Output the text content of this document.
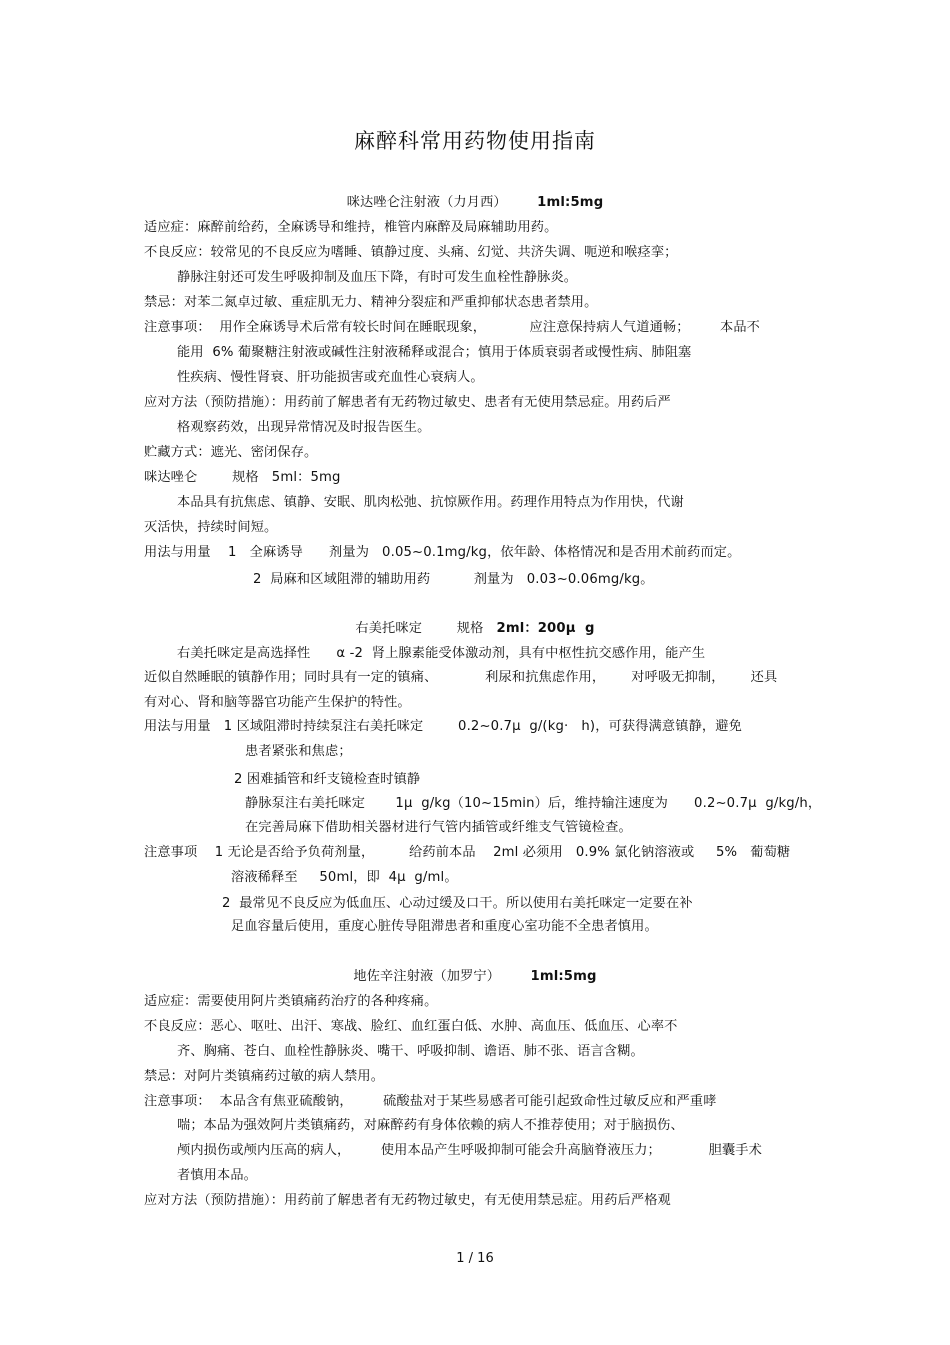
麻醉科常用药物使用指南
咪达唑仑注射液（力月西） 1ml:5mg
适应症：麻醉前给药，全麻诱导和维持，椎管内麻醉及局麻辅助用药。
不良反应：较常见的不良反应为嗜睡、镇静过度、头痛、幻觉、共济失调、呃逆和喉痉挛；
静脉注射还可发生呼吸抑制及血压下降，有时可发生血栓性静脉炎。
禁忌：对苯二氮卓过敏、重症肌无力、精神分裂症和严重抑郁状态患者禁用。
注意事项：  用作全麻诱导术后常有较长时间在睡眠现象，          应注意保持病人气道通畅；       本品不
能用  6% 葡聚糖注射液或碱性注射液稀释或混合；慎用于体质衰弱者或慢性病、肺阻塞
性疾病、慢性肾衰、肝功能损害或充血性心衰病人。
应对方法（预防措施）：用药前了解患者有无药物过敏史、患者有无使用禁忌症。用药后严
格观察药效，出现异常情况及时报告医生。
贮藏方式：遮光、密闭保存。
咪达唑仑        规格   5ml：5mg
本品具有抗焦虑、镇静、安眠、肌肉松弛、抗惊厥作用。药理作用特点为作用快，代谢
灭活快，持续时间短。
用法与用量    1   全麻诱导      剂量为   0.05~0.1mg/kg，依年龄、体格情况和是否用术前药而定。
2  局麻和区域阻滞的辅助用药          剂量为   0.03~0.06mg/kg。
右美托咪定        规格 2ml：200μ  g
右美托咪定是高选择性      α -2  肾上腺素能受体激动剂，具有中枢性抗交感作用，能产生
近似自然睡眠的镇静作用；同时具有一定的镇痛、           利尿和抗焦虑作用，      对呼吸无抑制，      还具
有对心、肾和脑等器官功能产生保护的特性。
用法与用量   1 区域阻滞时持续泵注右美托咪定        0.2~0.7μ  g/(kg·   h)，可获得满意镇静，避免
患者紧张和焦虑；
2 困难插管和纤支镜检查时镇静
静脉泵注右美托咪定       1μ  g/kg（10~15min）后，维持输注速度为      0.2~0.7μ  g/kg/h，
在完善局麻下借助相关器材进行气管内插管或纤维支气管镜检查。
注意事项    1 无论是否给予负荷剂量，        给药前本品    2ml 必须用   0.9% 氯化钠溶液或     5%   葡萄糖
溶液稀释至     50ml，即  4μ  g/ml。
2  最常见不良反应为低血压、心动过缓及口干。所以使用右美托咪定一定要在补
足血容量后使用，重度心脏传导阻滞患者和重度心室功能不全患者慎用。
地佐辛注射液（加罗宁） 1ml:5mg
适应症：需要使用阿片类镇痛药治疗的各种疼痛。
不良反应：恶心、呕吐、出汗、寒战、脸红、血红蛋白低、水肿、高血压、低血压、心率不
齐、胸痛、苍白、血栓性静脉炎、嘴干、呼吸抑制、谵语、肺不张、语言含糊。
禁忌：对阿片类镇痛药过敏的病人禁用。
注意事项：  本品含有焦亚硫酸钠，       硫酸盐对于某些易感者可能引起致命性过敏反应和严重哮
喘；本品为强效阿片类镇痛药，对麻醉药有身体依赖的病人不推荐使用；对于脑损伤、
颅内损伤或颅内压高的病人，       使用本品产生呼吸抑制可能会升高脑脊液压力；           胆囊手术
者慎用本品。
应对方法（预防措施）：用药前了解患者有无药物过敏史，有无使用禁忌症。用药后严格观
1 / 16
